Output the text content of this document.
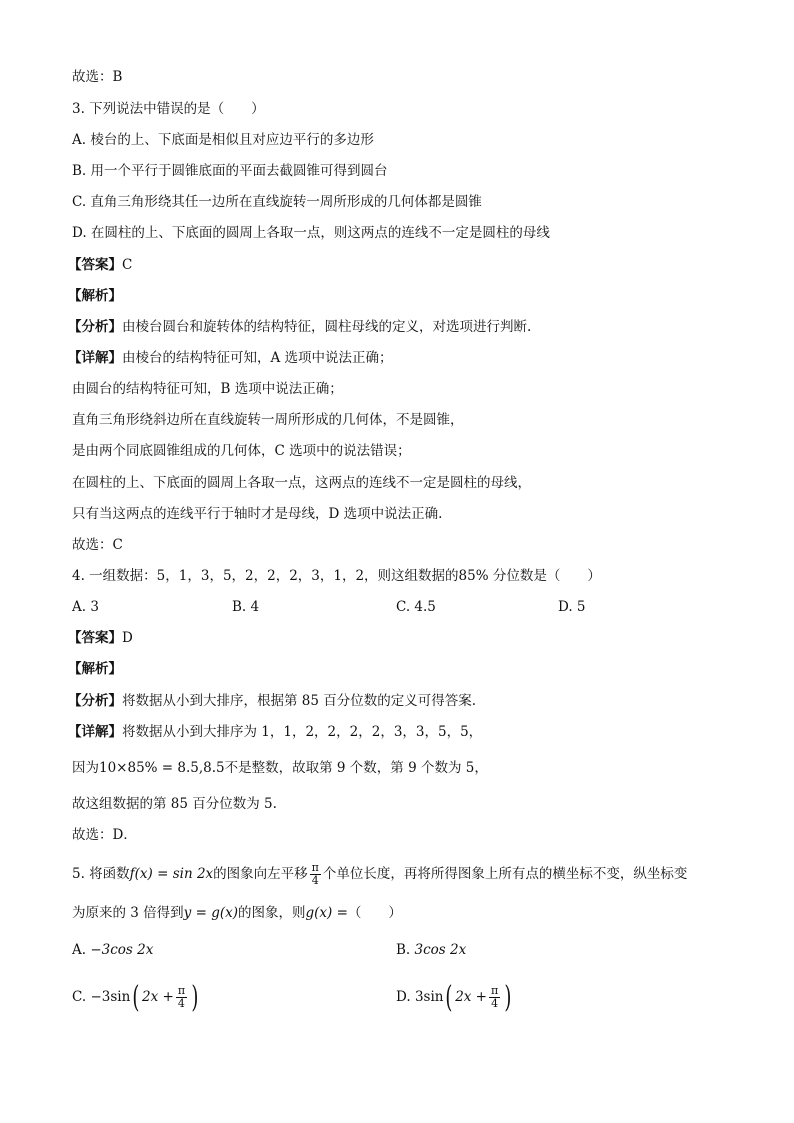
故选：B
3. 下列说法中错误的是（　　）
A. 棱台的上、下底面是相似且对应边平行的多边形
B. 用一个平行于圆锥底面的平面去截圆锥可得到圆台
C. 直角三角形绕其任一边所在直线旋转一周所形成的几何体都是圆锥
D. 在圆柱的上、下底面的圆周上各取一点，则这两点的连线不一定是圆柱的母线
【答案】C
【解析】
【分析】由棱台圆台和旋转体的结构特征，圆柱母线的定义，对选项进行判断.
【详解】由棱台的结构特征可知，A 选项中说法正确；
由圆台的结构特征可知，B 选项中说法正确；
直角三角形绕斜边所在直线旋转一周所形成的几何体，不是圆锥，
是由两个同底圆锥组成的几何体，C 选项中的说法错误；
在圆柱的上、下底面的圆周上各取一点，这两点的连线不一定是圆柱的母线，
只有当这两点的连线平行于轴时才是母线，D 选项中说法正确.
故选：C
4. 一组数据：5，1，3，5，2，2，2，3，1，2，则这组数据的85% 分位数是（　　）
A. 3	B. 4	C. 4.5	D. 5
【答案】D
【解析】
【分析】将数据从小到大排序，根据第 85 百分位数的定义可得答案.
【详解】将数据从小到大排序为 1，1，2，2，2，2，3，3，5，5，
因为10×85% = 8.5,8.5不是整数，故取第 9 个数，第 9 个数为 5，
故这组数据的第 85 百分位数为 5.
故选：D．
5. 将函数f(x) = sin 2x的图象向左平移 $\frac{\pi}{4}$ 个单位长度，再将所得图象上所有点的横坐标不变，纵坐标变
为原来的 3 倍得到y = g(x)的图象，则g(x) =（　　）
A. −3cos 2x	B. 3cos 2x
C. −3sin( $2x + \frac{\pi}{4}$ )	D. 3sin( $2x + \frac{\pi}{4}$ )
